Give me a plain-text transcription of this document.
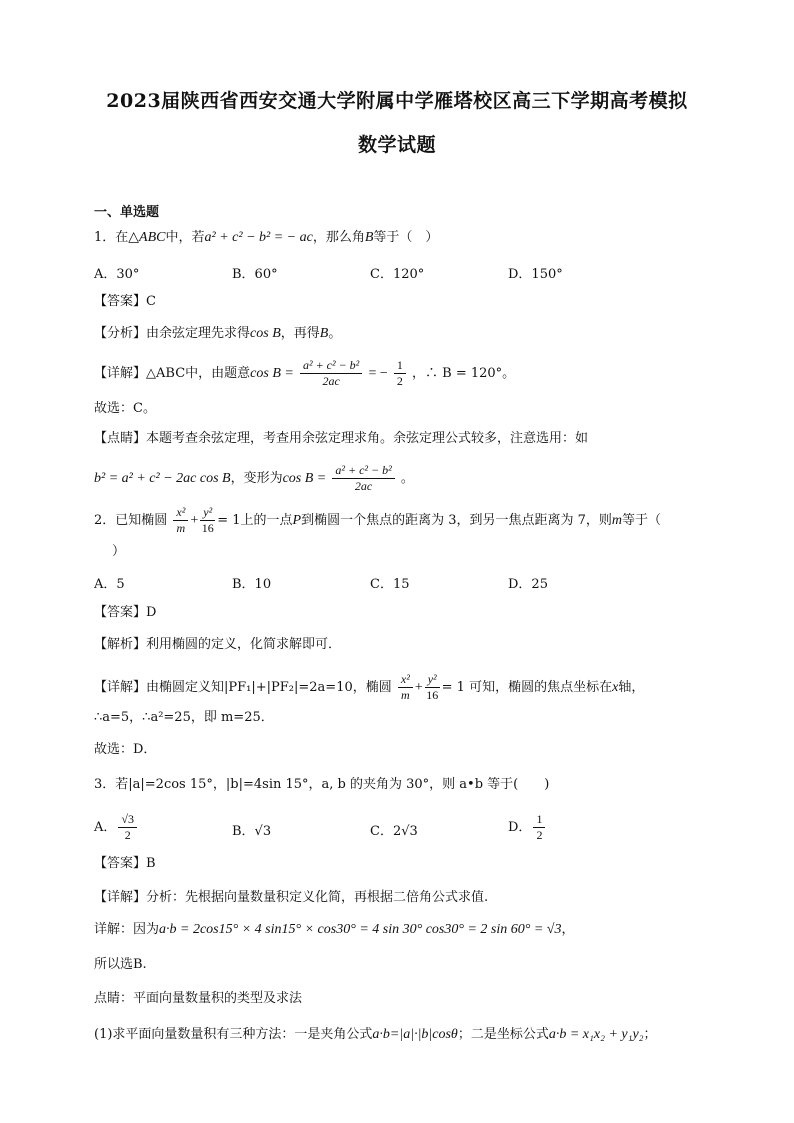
2023届陕西省西安交通大学附属中学雁塔校区高三下学期高考模拟
数学试题
一、单选题
1．在△ABC中，若a² + c² − b² = − ac，那么角B等于（　）
A．30°	B．60°	C．120°	D．150°
【答案】C
【分析】由余弦定理先求得cos B，再得B。
【详解】△ABC中，由题意$\cos B = \frac{\text{a² + c² − b²}}{2ac}$ = − $\frac{1}{2}$ ，∴ B = 120°。
故选：C。
【点睛】本题考查余弦定理，考查用余弦定理求角。余弦定理公式较多，注意选用：如
b² = a² + c² − 2ac cos B，变形为$\cos B = \frac{\text{a² + c² − b²}}{2ac}$ 。
2．已知椭圆 $\frac{\text{x²}}{m} + \frac{\text{y²}}{16} = 1$上的一点P到椭圆一个焦点的距离为 3，到另一焦点距离为 7，则m等于（
）
A．5	B．10	C．15	D．25
【答案】D
【解析】利用椭圆的定义，化简求解即可．
【详解】由椭圆定义知|PF₁|+|PF₂|=2a=10，椭圆 $\frac{\text{x²}}{m} + \frac{\text{y²}}{16} = 1$ 可知，椭圆的焦点坐标在x轴，
∴a=5，∴a²=25，即 m=25．
故选：D．
3．若|a|=2cos 15°，|b|=4sin 15°，a, b 的夹角为 30°，则 a•b 等于(　　)
A． $\frac{√3}{2}$	B．√3	C．2√3	D． $\frac{1}{2}$
【答案】B
【详解】分析：先根据向量数量积定义化简，再根据二倍角公式求值.
详解：因为a·b = 2cos15° × 4 sin15° × cos30° = 4 sin 30° cos30° = 2 sin 60° = √3，
所以选B.
点睛：平面向量数量积的类型及求法
(1)求平面向量数量积有三种方法：一是夹角公式a·b=|a|·|b|cosθ；二是坐标公式a·b = x₁x₂ + y₁y₂；
